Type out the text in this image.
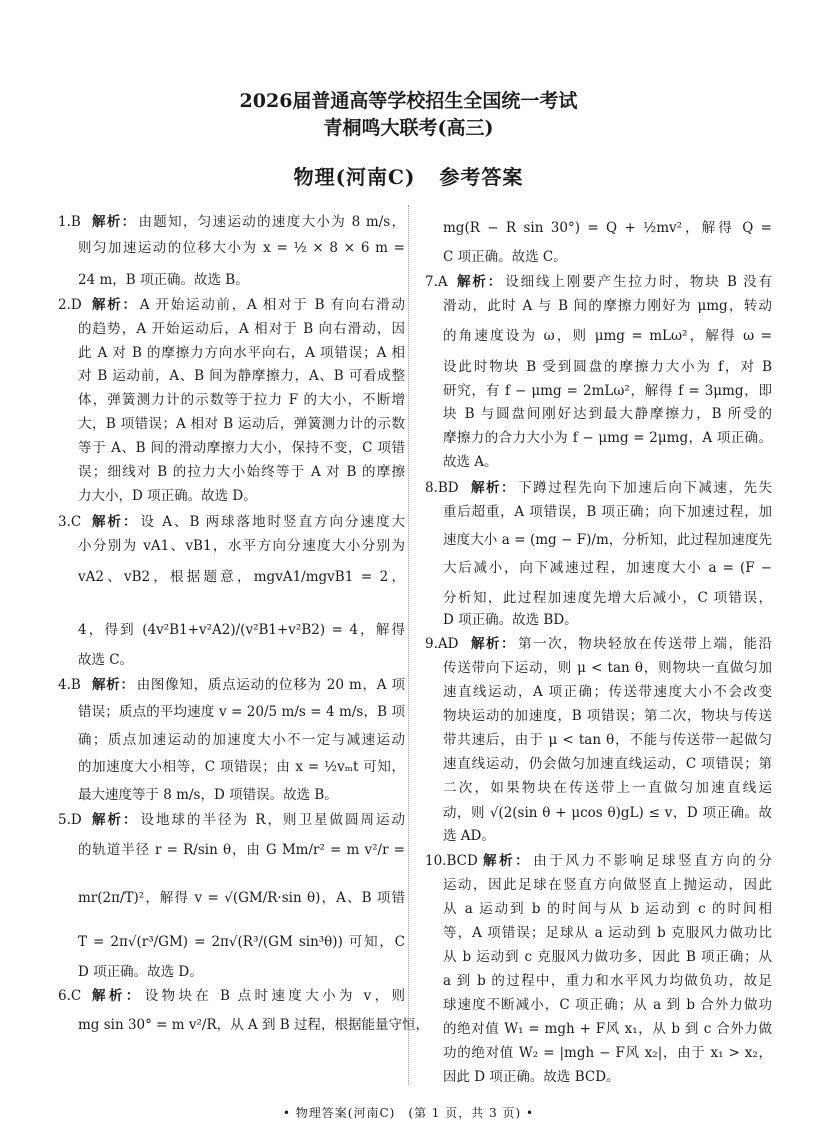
2026届普通高等学校招生全国统一考试
青桐鸣大联考(高三)
物理(河南C) 参考答案
1.B 解析： 由题知，匀速运动的速度大小为 8 m/s，
则匀加速运动的位移大小为 x = ½ × 8 × 6 m =
24 m，B 项正确。故选 B。
2.D 解析： A 开始运动前，A 相对于 B 有向右滑动
的趋势，A 开始运动后，A 相对于 B 向右滑动，因
此 A 对 B 的摩擦力方向水平向右，A 项错误；A 相
对 B 运动前，A、B 间为静摩擦力，A、B 可看成整
体，弹簧测力计的示数等于拉力 F 的大小，不断增
大，B 项错误；A 相对 B 运动后，弹簧测力计的示数
等于 A、B 间的滑动摩擦力大小，保持不变，C 项错
误；细线对 B 的拉力大小始终等于 A 对 B 的摩擦
力大小，D 项正确。故选 D。
3.C 解析： 设 A、B 两球落地时竖直方向分速度大
小分别为 vA1、vB1，水平方向分速度大小分别为
vA2、vB2，根据题意，mgvA1/mgvB1 = 2，
4，得到 (4v²B1+v²A2)/(v²B1+v²B2) = 4，解得
故选 C。
4.B 解析： 由图像知，质点运动的位移为 20 m，A 项
错误；质点的平均速度 v = 20/5 m/s = 4 m/s，B 项
确；质点加速运动的加速度大小不一定与减速运动
的加速度大小相等，C 项错误；由 x = ½vₘt 可知，
最大速度等于 8 m/s，D 项错误。故选 B。
5.D 解析： 设地球的半径为 R，则卫星做圆周运动
的轨道半径 r = R/sin θ，由 G Mm/r² = m v²/r =
mr(2π/T)²，解得 v = √(GM/R·sin θ)，A、B 项错
T = 2π√(r³/GM) = 2π√(R³/(GM sin³θ)) 可知，C
D 项正确。故选 D。
6.C 解析： 设物块在 B 点时速度大小为 v，则
mg sin 30° = m v²/R，从 A 到 B 过程，根据能量守恒，
mg(R − R sin 30°) = Q + ½mv²，解得 Q =
C 项正确。故选 C。
7.A 解析： 设细线上刚要产生拉力时，物块 B 没有
滑动，此时 A 与 B 间的摩擦力刚好为 μmg，转动
的角速度设为 ω，则 μmg = mLω²，解得 ω =
设此时物块 B 受到圆盘的摩擦力大小为 f，对 B
研究，有 f − μmg = 2mLω²，解得 f = 3μmg，即
块 B 与圆盘间刚好达到最大静摩擦力，B 所受的
摩擦力的合力大小为 f − μmg = 2μmg，A 项正确。
故选 A。
8.BD 解析： 下蹲过程先向下加速后向下减速，先失
重后超重，A 项错误，B 项正确；向下加速过程，加
速度大小 a = (mg − F)/m，分析知，此过程加速度先
大后减小，向下减速过程，加速度大小 a = (F −
分析知，此过程加速度先增大后减小，C 项错误，
D 项正确。故选 BD。
9.AD 解析： 第一次，物块轻放在传送带上端，能沿
传送带向下运动，则 μ < tan θ，则物块一直做匀加
速直线运动，A 项正确；传送带速度大小不会改变
物块运动的加速度，B 项错误；第二次，物块与传送
带共速后，由于 μ < tan θ，不能与传送带一起做匀
速直线运动，仍会做匀加速直线运动，C 项错误；第
二次，如果物块在传送带上一直做匀加速直线运
动，则 √(2(sin θ + μcos θ)gL) ≤ v，D 项正确。故
选 AD。
10.BCD 解析： 由于风力不影响足球竖直方向的分
运动，因此足球在竖直方向做竖直上抛运动，因此
从 a 运动到 b 的时间与从 b 运动到 c 的时间相
等，A 项错误；足球从 a 运动到 b 克服风力做功比
从 b 运动到 c 克服风力做功多，因此 B 项正确；从
a 到 b 的过程中，重力和水平风力均做负功，故足
球速度不断减小，C 项正确；从 a 到 b 合外力做功
的绝对值 W₁ = mgh + F风 x₁，从 b 到 c 合外力做
功的绝对值 W₂ = |mgh − F风 x₂|，由于 x₁ > x₂，
因此 D 项正确。故选 BCD。
• 物理答案(河南C)　(第 1 页，共 3 页) •
